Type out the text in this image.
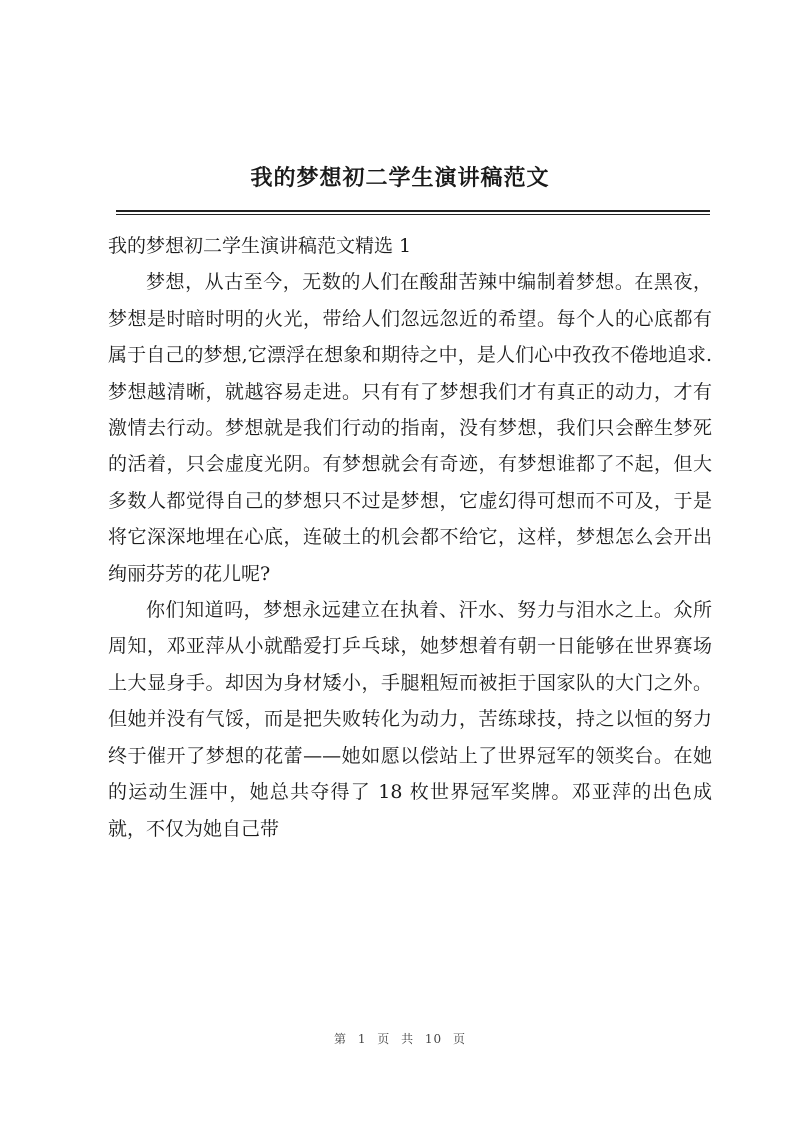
我的梦想初二学生演讲稿范文

我的梦想初二学生演讲稿范文精选 1

梦想，从古至今，无数的人们在酸甜苦辣中编制着梦想。在黑夜，梦想是时暗时明的火光，带给人们忽远忽近的希望。每个人的心底都有属于自己的梦想,它漂浮在想象和期待之中，是人们心中孜孜不倦地追求.梦想越清晰，就越容易走进。只有有了梦想我们才有真正的动力，才有激情去行动。梦想就是我们行动的指南，没有梦想，我们只会醉生梦死的活着，只会虚度光阴。有梦想就会有奇迹，有梦想谁都了不起，但大多数人都觉得自己的梦想只不过是梦想，它虚幻得可想而不可及，于是将它深深地埋在心底，连破土的机会都不给它，这样，梦想怎么会开出绚丽芬芳的花儿呢?

你们知道吗，梦想永远建立在执着、汗水、努力与泪水之上。众所周知，邓亚萍从小就酷爱打乒乓球，她梦想着有朝一日能够在世界赛场上大显身手。却因为身材矮小，手腿粗短而被拒于国家队的大门之外。但她并没有气馁，而是把失败转化为动力，苦练球技，持之以恒的努力终于催开了梦想的花蕾——她如愿以偿站上了世界冠军的领奖台。在她的运动生涯中，她总共夺得了 18 枚世界冠军奖牌。邓亚萍的出色成就，不仅为她自己带

第 1 页 共 10 页
